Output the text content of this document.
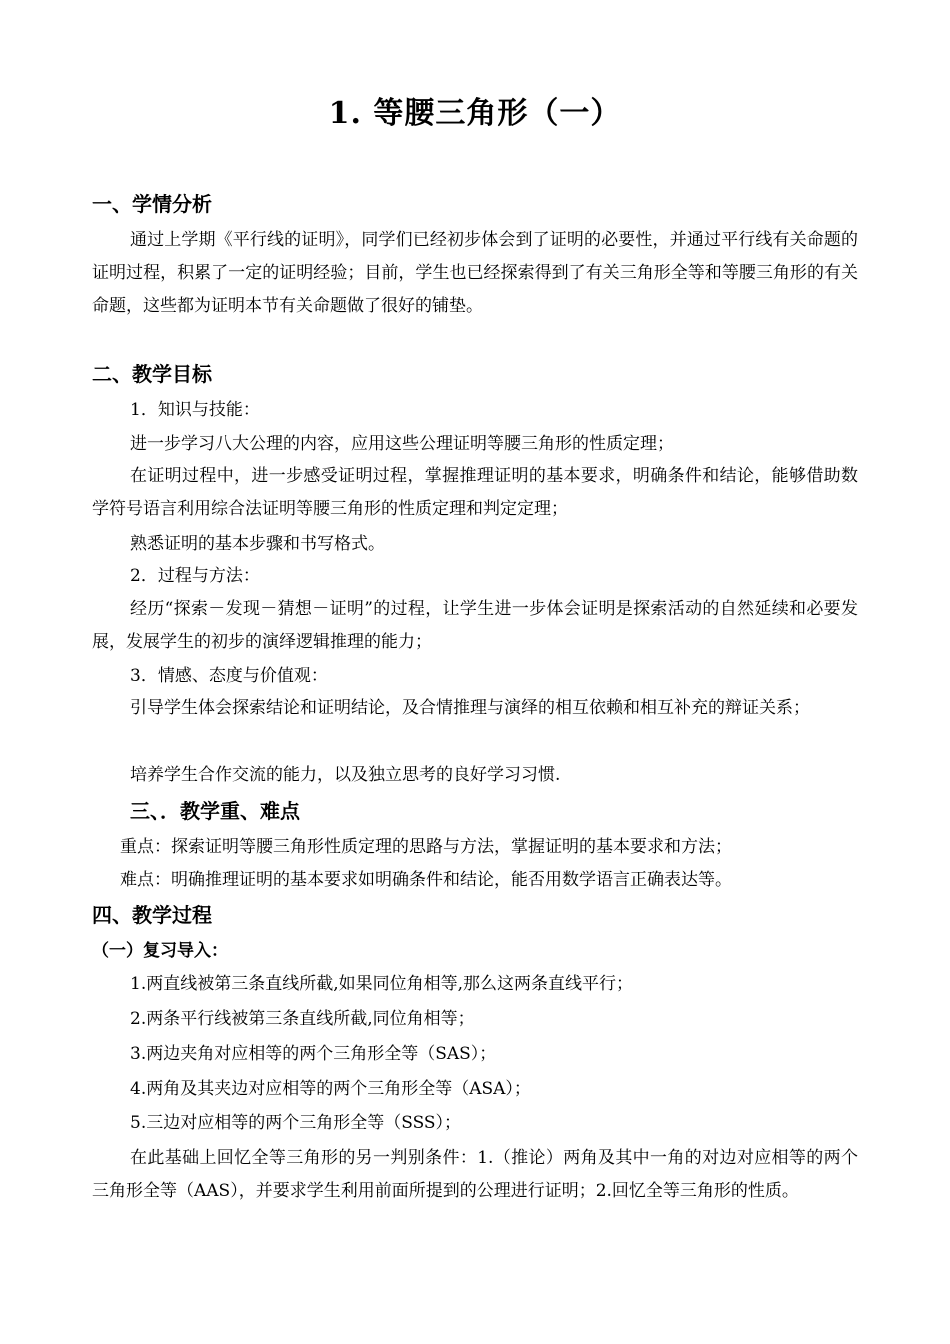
1. 等腰三角形（一）
一、学情分析
通过上学期《平行线的证明》，同学们已经初步体会到了证明的必要性，并通过平行线有关命题的证明过程，积累了一定的证明经验；目前，学生也已经探索得到了有关三角形全等和等腰三角形的有关命题，这些都为证明本节有关命题做了很好的铺垫。
二、教学目标
1．知识与技能：
进一步学习八大公理的内容，应用这些公理证明等腰三角形的性质定理；
在证明过程中，进一步感受证明过程，掌握推理证明的基本要求，明确条件和结论，能够借助数学符号语言利用综合法证明等腰三角形的性质定理和判定定理；
熟悉证明的基本步骤和书写格式。
2．过程与方法：
经历“探索－发现－猜想－证明”的过程，让学生进一步体会证明是探索活动的自然延续和必要发展，发展学生的初步的演绎逻辑推理的能力；
3．情感、态度与价值观：
引导学生体会探索结论和证明结论，及合情推理与演绎的相互依赖和相互补充的辩证关系；
培养学生合作交流的能力，以及独立思考的良好学习习惯.
三、．教学重、难点
重点：探索证明等腰三角形性质定理的思路与方法，掌握证明的基本要求和方法；
难点：明确推理证明的基本要求如明确条件和结论，能否用数学语言正确表达等。
四、教学过程
（一）复习导入：
1.两直线被第三条直线所截,如果同位角相等,那么这两条直线平行；
2.两条平行线被第三条直线所截,同位角相等；
3.两边夹角对应相等的两个三角形全等（SAS）；
4.两角及其夹边对应相等的两个三角形全等（ASA）；
5.三边对应相等的两个三角形全等（SSS）；
在此基础上回忆全等三角形的另一判别条件：1.（推论）两角及其中一角的对边对应相等的两个三角形全等（AAS），并要求学生利用前面所提到的公理进行证明；2.回忆全等三角形的性质。
